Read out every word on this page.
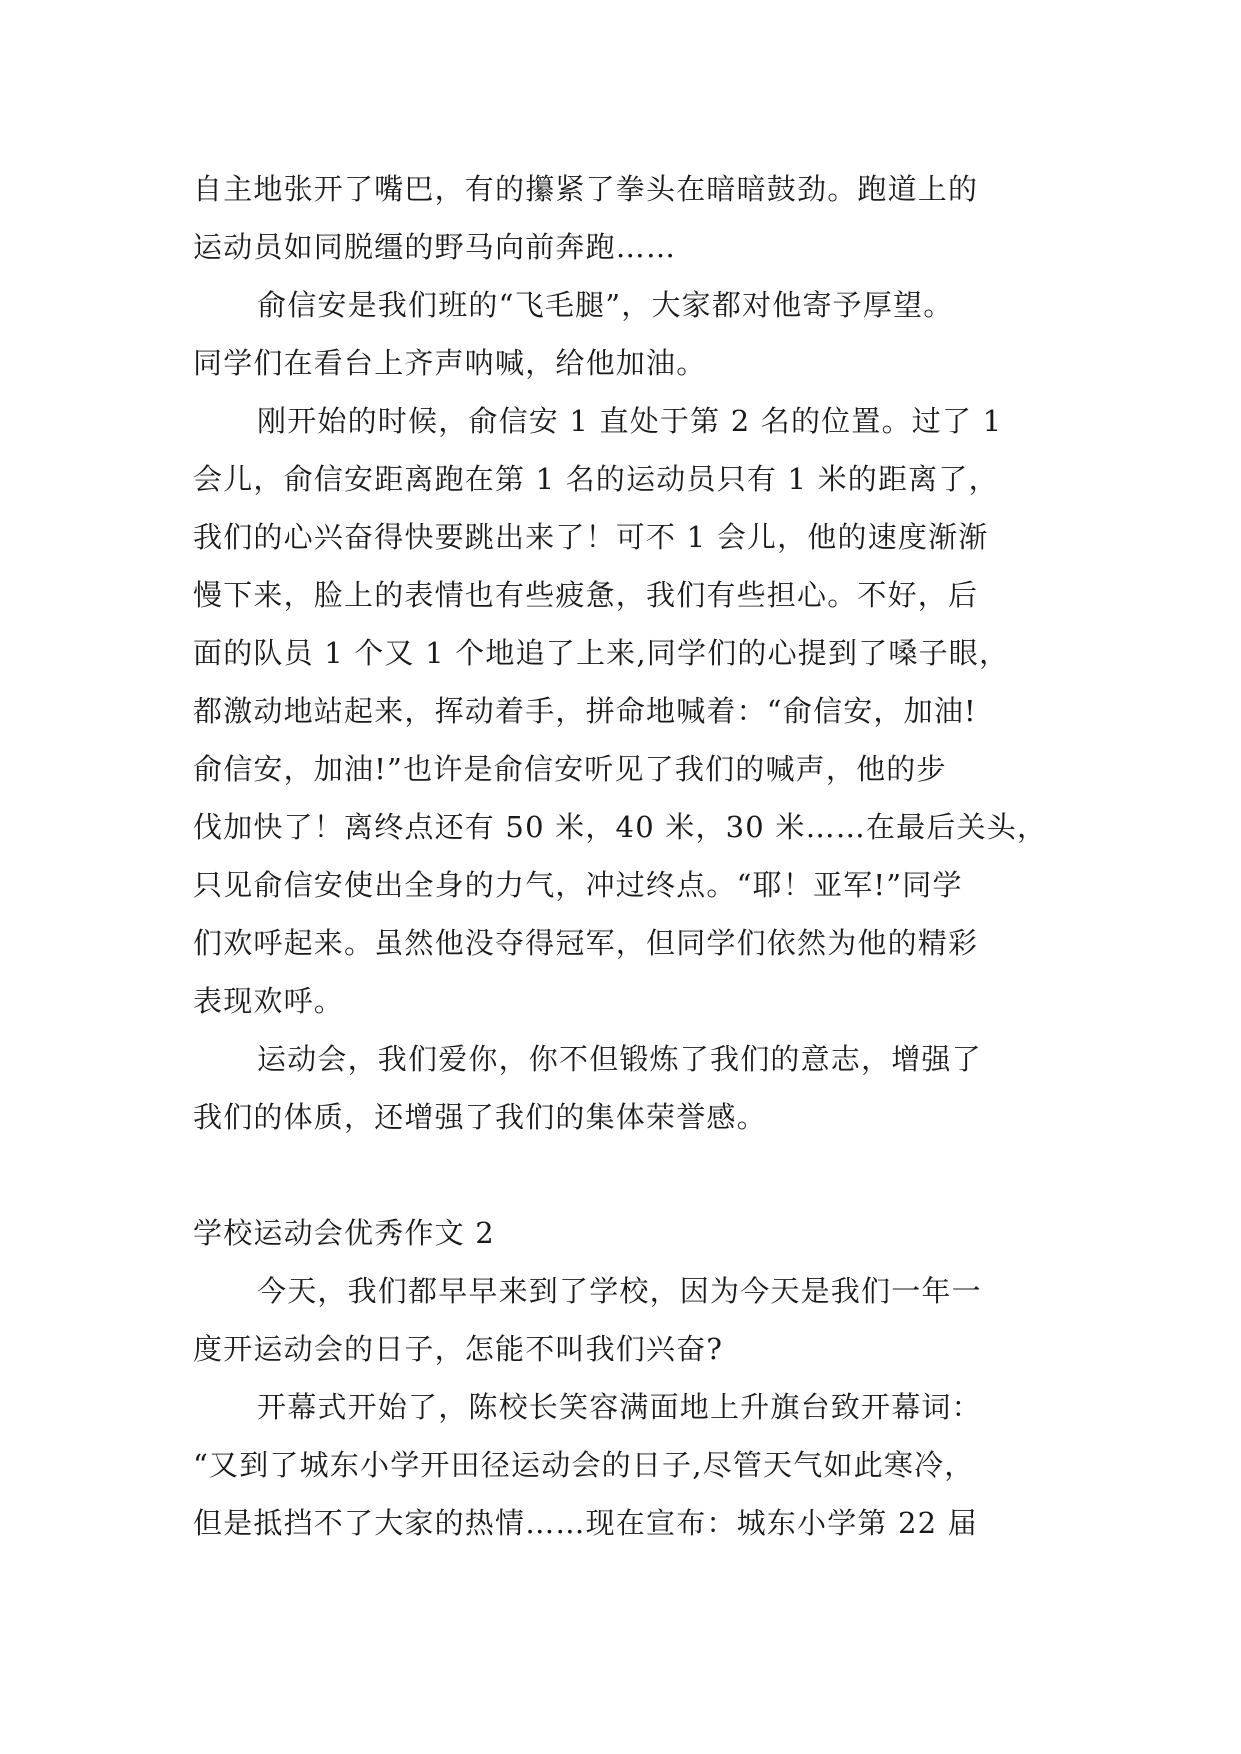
自主地张开了嘴巴，有的攥紧了拳头在暗暗鼓劲。跑道上的
运动员如同脱缰的野马向前奔跑……
俞信安是我们班的“飞毛腿”，大家都对他寄予厚望。
同学们在看台上齐声呐喊，给他加油。
刚开始的时候，俞信安 1 直处于第 2 名的位置。过了 1
会儿，俞信安距离跑在第 1 名的运动员只有 1 米的距离了，
我们的心兴奋得快要跳出来了！可不 1 会儿，他的速度渐渐
慢下来，脸上的表情也有些疲惫，我们有些担心。不好，后
面的队员 1 个又 1 个地追了上来,同学们的心提到了嗓子眼，
都激动地站起来，挥动着手，拼命地喊着：“俞信安，加油!
俞信安，加油!”也许是俞信安听见了我们的喊声，他的步
伐加快了！离终点还有 50 米，40 米，30 米……在最后关头，
只见俞信安使出全身的力气，冲过终点。“耶！亚军!”同学
们欢呼起来。虽然他没夺得冠军，但同学们依然为他的精彩
表现欢呼。
运动会，我们爱你，你不但锻炼了我们的意志，增强了
我们的体质，还增强了我们的集体荣誉感。
学校运动会优秀作文 2
今天，我们都早早来到了学校，因为今天是我们一年一
度开运动会的日子，怎能不叫我们兴奋?
开幕式开始了，陈校长笑容满面地上升旗台致开幕词：
“又到了城东小学开田径运动会的日子,尽管天气如此寒冷，
但是抵挡不了大家的热情……现在宣布：城东小学第 22 届
